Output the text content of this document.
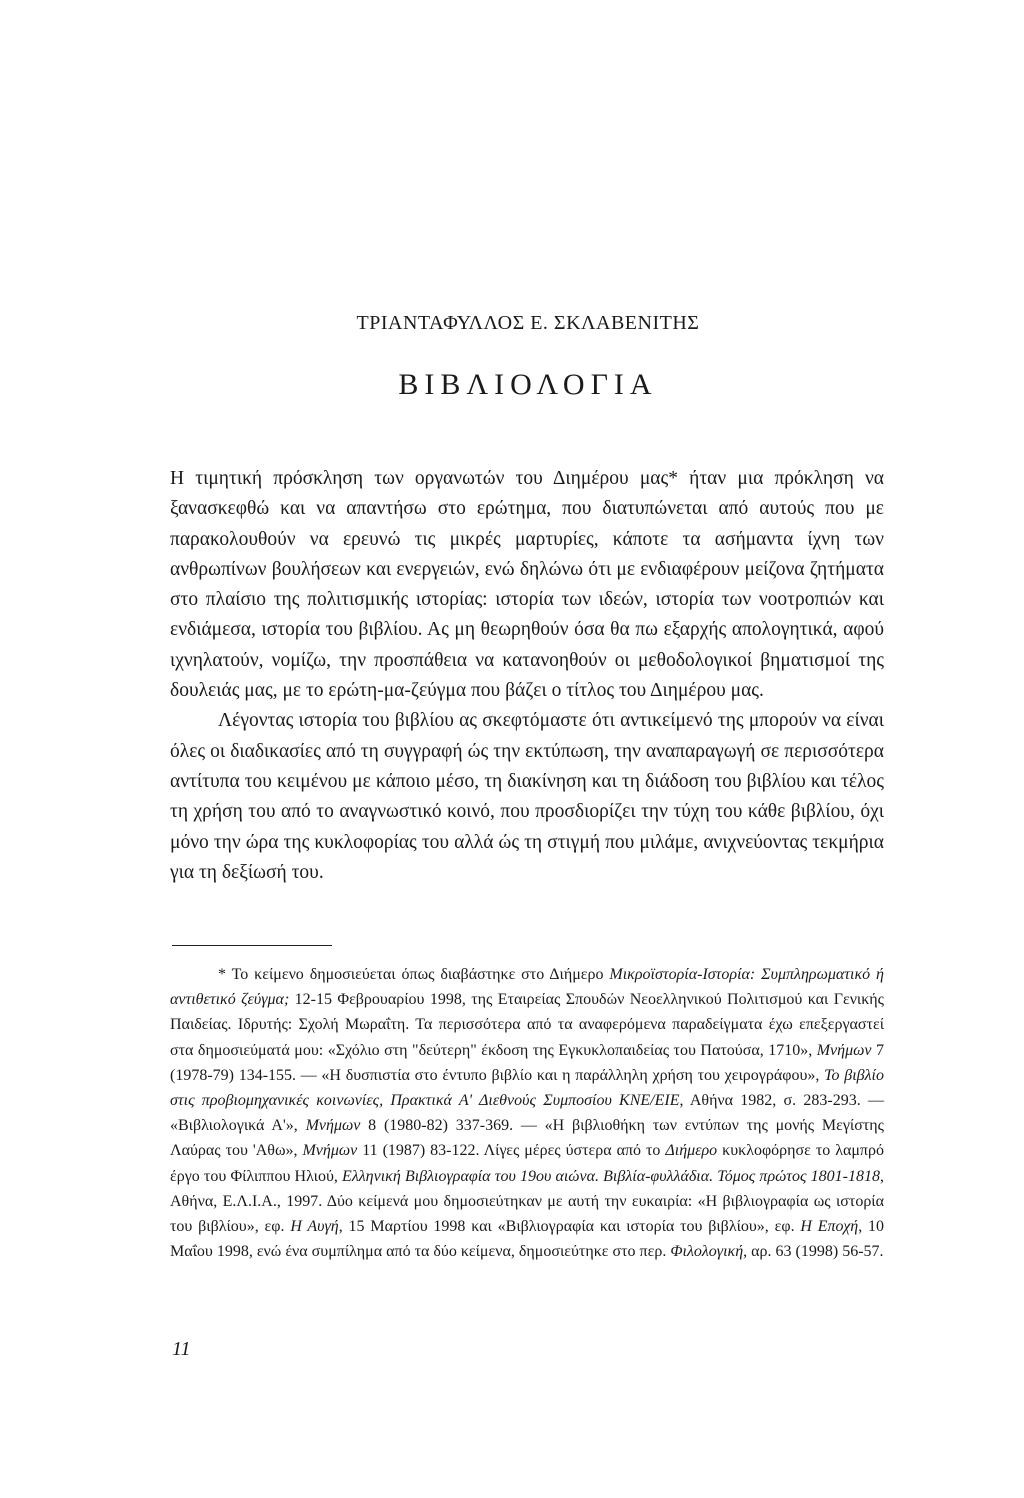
ΤΡΙΑΝΤΑΦΥΛΛΟΣ Ε. ΣΚΛΑΒΕΝΙΤΗΣ
ΒΙΒΛΙΟΛΟΓΙΑ

Η τιμητική πρόσκληση των οργανωτών του Διημέρου μας* ήταν μια πρόκληση να ξανασκεφθώ και να απαντήσω στο ερώτημα, που διατυπώνεται από αυτούς που με παρακολουθούν να ερευνώ τις μικρές μαρτυρίες, κάποτε τα ασήμαντα ίχνη των ανθρωπίνων βουλήσεων και ενεργειών, ενώ δηλώνω ότι με ενδιαφέρουν μείζονα ζητήματα στο πλαίσιο της πολιτισμικής ιστορίας: ιστορία των ιδεών, ιστορία των νοοτροπιών και ενδιάμεσα, ιστορία του βιβλίου. Ας μη θεωρηθούν όσα θα πω εξαρχής απολογητικά, αφού ιχνηλατούν, νομίζω, την προσπάθεια να κατανοηθούν οι μεθοδολογικοί βηματισμοί της δουλειάς μας, με το ερώτη-μα-ζεύγμα που βάζει ο τίτλος του Διημέρου μας.

Λέγοντας ιστορία του βιβλίου ας σκεφτόμαστε ότι αντικείμενό της μπορούν να είναι όλες οι διαδικασίες από τη συγγραφή ώς την εκτύπωση, την αναπαραγωγή σε περισσότερα αντίτυπα του κειμένου με κάποιο μέσο, τη διακίνηση και τη διάδοση του βιβλίου και τέλος τη χρήση του από το αναγνωστικό κοινό, που προσδιορίζει την τύχη του κάθε βιβλίου, όχι μόνο την ώρα της κυκλοφορίας του αλλά ώς τη στιγμή που μιλάμε, ανιχνεύοντας τεκμήρια για τη δεξίωσή του.

* Το κείμενο δημοσιεύεται όπως διαβάστηκε στο Διήμερο Μικροϊστορία-Ιστορία: Συμπληρωματικό ή αντιθετικό ζεύγμα; 12-15 Φεβρουαρίου 1998, της Εταιρείας Σπουδών Νεοελληνικού Πολιτισμού και Γενικής Παιδείας. Ιδρυτής: Σχολή Μωραΐτη. Τα περισσότερα από τα αναφερόμενα παραδείγματα έχω επεξεργαστεί στα δημοσιεύματά μου: «Σχόλιο στη "δεύτερη" έκδοση της Εγκυκλοπαιδείας του Πατούσα, 1710», Μνήμων 7 (1978-79) 134-155. — «Η δυσπιστία στο έντυπο βιβλίο και η παράλληλη χρήση του χειρογράφου», Το βιβλίο στις προβιομηχανικές κοινωνίες, Πρακτικά Α' Διεθνούς Συμποσίου ΚΝΕ/ΕΙΕ, Αθήνα 1982, σ. 283-293. — «Βιβλιολογικά Α'», Μνήμων 8 (1980-82) 337-369. — «Η βιβλιοθήκη των εντύπων της μονής Μεγίστης Λαύρας του 'Αθω», Μνήμων 11 (1987) 83-122. Λίγες μέρες ύστερα από το Διήμερο κυκλοφόρησε το λαμπρό έργο του Φίλιππου Ηλιού, Ελληνική Βιβλιογραφία του 19ου αιώνα. Βιβλία-φυλλάδια. Τόμος πρώτος 1801-1818, Αθήνα, Ε.Λ.Ι.Α., 1997. Δύο κείμενά μου δημοσιεύτηκαν με αυτή την ευκαιρία: «Η βιβλιογραφία ως ιστορία του βιβλίου», εφ. Η Αυγή, 15 Μαρτίου 1998 και «Βιβλιογραφία και ιστορία του βιβλίου», εφ. Η Εποχή, 10 Μαΐου 1998, ενώ ένα συμπίλημα από τα δύο κείμενα, δημοσιεύτηκε στο περ. Φιλολογική, αρ. 63 (1998) 56-57.

11
